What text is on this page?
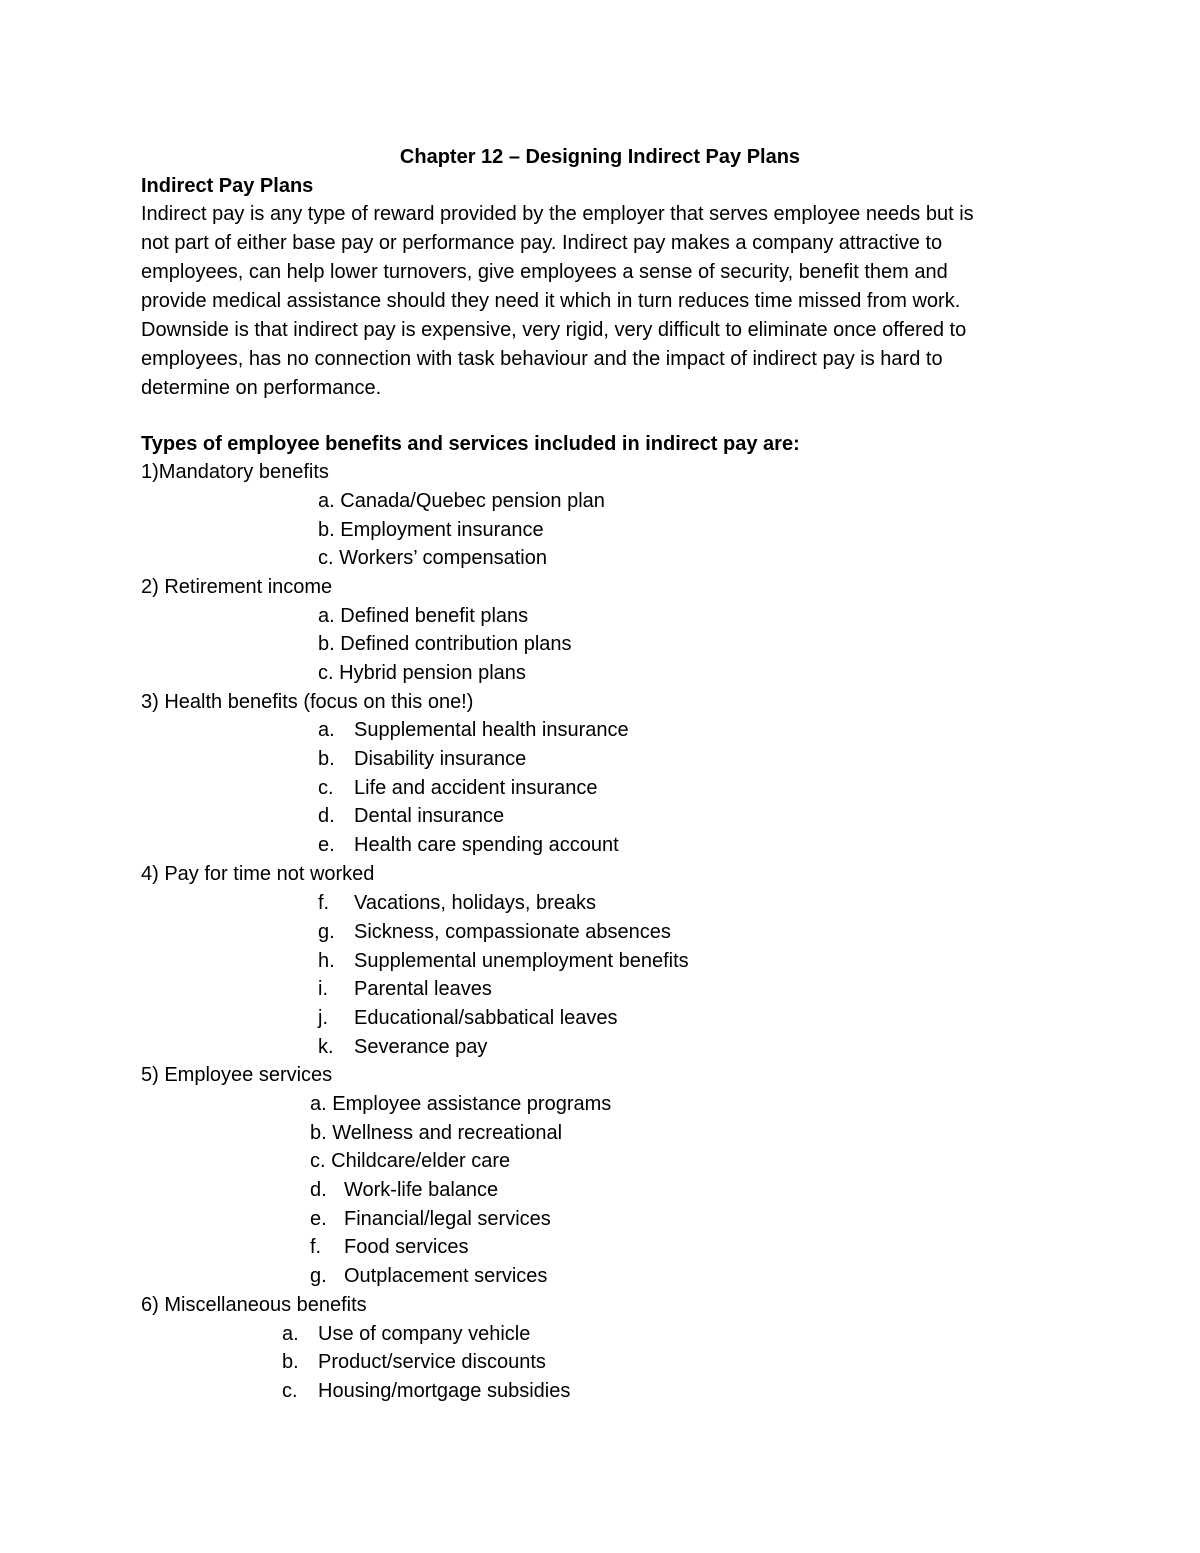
Chapter 12 – Designing Indirect Pay Plans
Indirect Pay Plans
Indirect pay is any type of reward provided by the employer that serves employee needs but is
not part of either base pay or performance pay. Indirect pay makes a company attractive to
employees, can help lower turnovers, give employees a sense of security, benefit them and
provide medical assistance should they need it which in turn reduces time missed from work.
Downside is that indirect pay is expensive, very rigid, very difficult to eliminate once offered to
employees, has no connection with task behaviour and the impact of indirect pay is hard to
determine on performance.
Types of employee benefits and services included in indirect pay are:
1)Mandatory benefits
a. Canada/Quebec pension plan
b. Employment insurance
c. Workers’ compensation
2) Retirement income
a. Defined benefit plans
b. Defined contribution plans
c. Hybrid pension plans
3) Health benefits (focus on this one!)
a. Supplemental health insurance
b. Disability insurance
c. Life and accident insurance
d. Dental insurance
e. Health care spending account
4) Pay for time not worked
f. Vacations, holidays, breaks
g. Sickness, compassionate absences
h. Supplemental unemployment benefits
i. Parental leaves
j. Educational/sabbatical leaves
k. Severance pay
5) Employee services
a. Employee assistance programs
b. Wellness and recreational
c. Childcare/elder care
d. Work-life balance
e. Financial/legal services
f. Food services
g. Outplacement services
6) Miscellaneous benefits
a. Use of company vehicle
b. Product/service discounts
c. Housing/mortgage subsidies
